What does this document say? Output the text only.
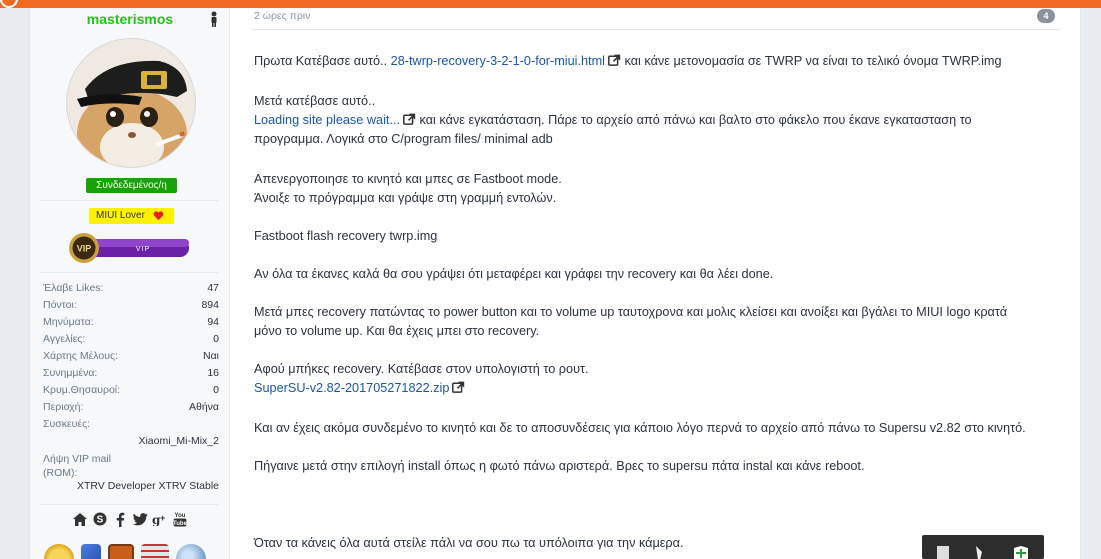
masterismos
Συνδεδεμένος/η
MIUI Lover
VIP	VIP
Έλαβε Likes:	47
Πόντοι:	894
Μηνύματα:	94
Αγγελίες:	0
Χάρτης Μέλους:	Ναι
Συνημμένα:	16
Κρυμ.Θησαυροί:	0
Περιοχή:	Αθήνα
Συσκευές:
Xiaomi_Mi-Mix_2
Λήψη VIP mail (ROM):
XTRV Developer XTRV Stable
S	g + You
Tube
2 ώρες πριν	4
Πρωτα Κατέβασε αυτό.. 28-twrp-recovery-3-2-1-0-for-miui.html και κάνε μετονομασία σε TWRP να είναι το τελικό όνομα TWRP.img
Μετά κατέβασε αυτό..
Loading site please wait... και κάνε εγκατάσταση. Πάρε το αρχείο από πάνω και βαλτο στο φάκελο που έκανε εγκατασταση το
προγραμμα. Λογικά στο C/program files/ minimal adb
Απενεργοποιησε το κινητό και μπες σε Fastboot mode.
Άνοιξε το πρόγραμμα και γράψε στη γραμμή εντολών.
Fastboot flash recovery twrp.img
Αν όλα τα έκανες καλά θα σου γράψει ότι μεταφέρει και γράφει την recovery και θα λέει done.
Μετά μπες recovery πατώντας το power button και το volume up ταυτοχρονα και μολις κλείσει και ανοίξει και βγάλει το MIUI logo κρατά
μόνο το volume up. Και θα έχεις μπει στο recovery.
Αφού μπήκες recovery. Κατέβασε στον υπολογιστή το ρουτ.
SuperSU-v2.82-201705271822.zip
Και αν έχεις ακόμα συνδεμένο το κινητό και δε το αποσυνδέσεις για κάποιο λόγο περνά το αρχείο από πάνω το Supersu v2.82 στο κινητό.
Πήγαινε μετά στην επιλογή install όπως η φωτό πάνω αριστερά. Βρες το supersu πάτα instal και κάνε reboot.
Όταν τα κάνεις όλα αυτά στείλε πάλι να σου πω τα υπόλοιπα για την κάμερα.
